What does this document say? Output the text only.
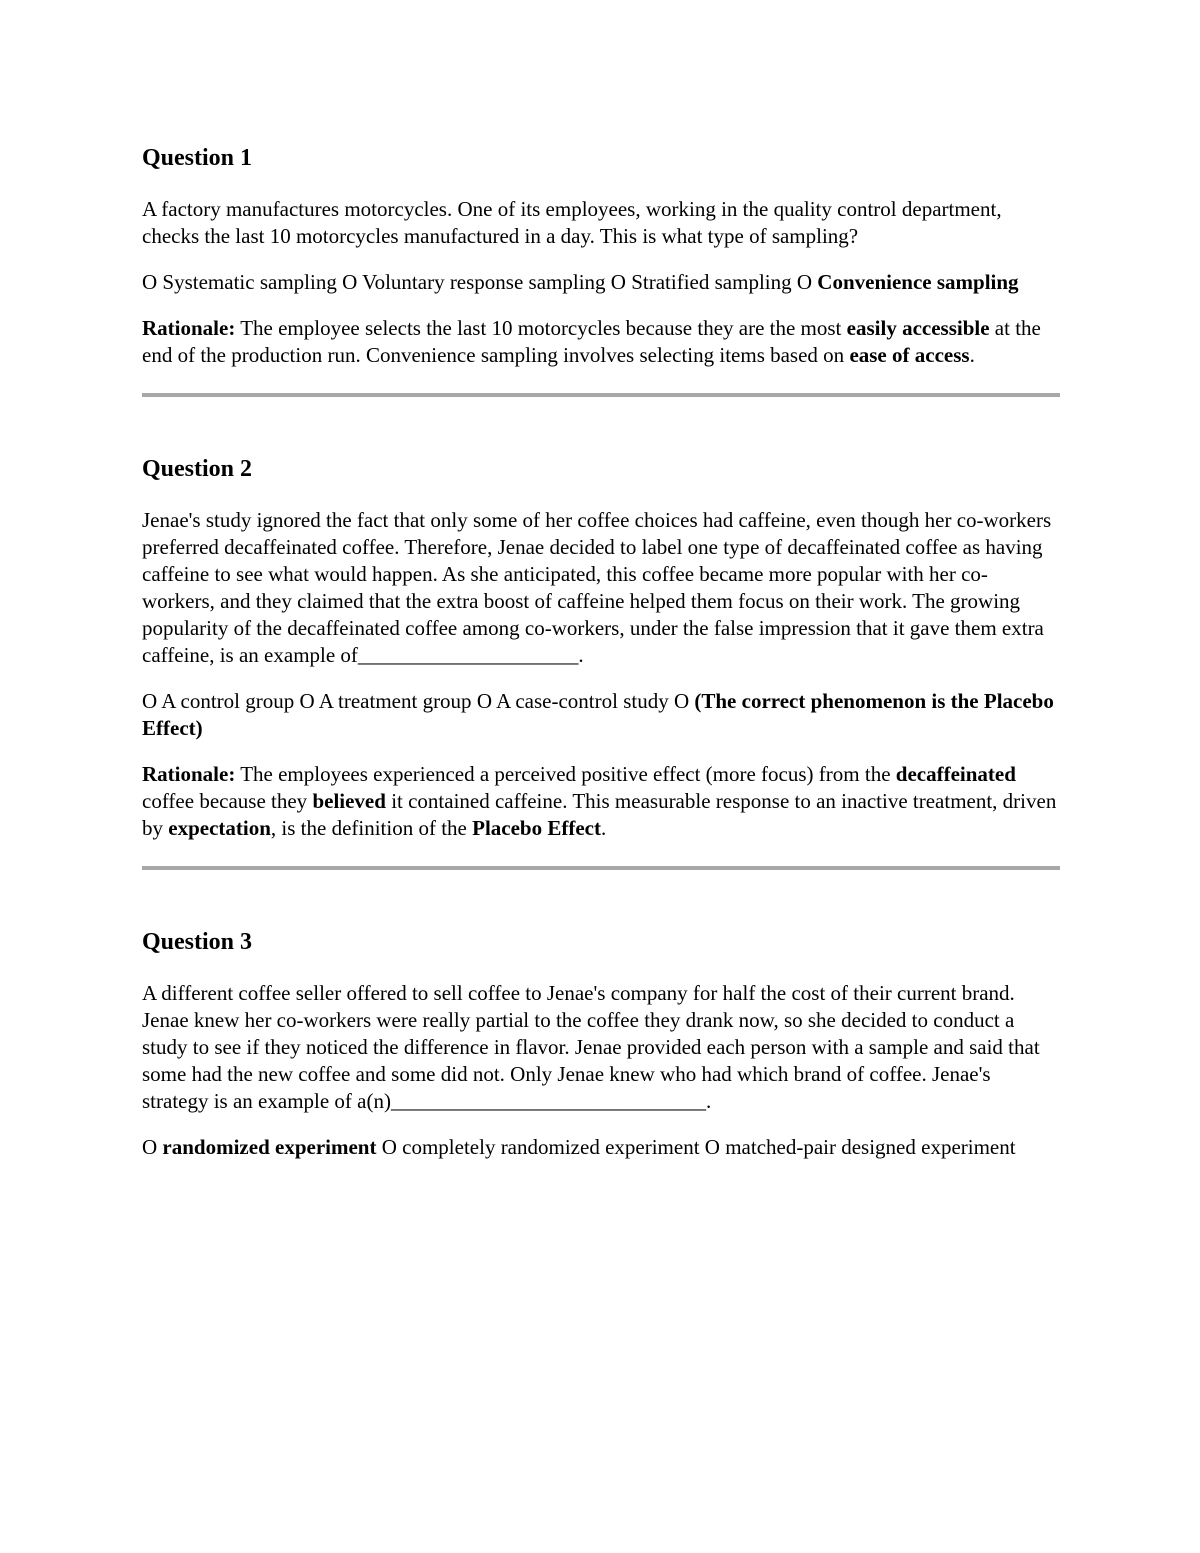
Question 1
A factory manufactures motorcycles. One of its employees, working in the quality control department, checks the last 10 motorcycles manufactured in a day. This is what type of sampling?
O Systematic sampling O Voluntary response sampling O Stratified sampling O Convenience sampling
Rationale: The employee selects the last 10 motorcycles because they are the most easily accessible at the end of the production run. Convenience sampling involves selecting items based on ease of access.
Question 2
Jenae's study ignored the fact that only some of her coffee choices had caffeine, even though her co-workers preferred decaffeinated coffee. Therefore, Jenae decided to label one type of decaffeinated coffee as having caffeine to see what would happen. As she anticipated, this coffee became more popular with her co-workers, and they claimed that the extra boost of caffeine helped them focus on their work. The growing popularity of the decaffeinated coffee among co-workers, under the false impression that it gave them extra caffeine, is an example of_____________________.
O A control group O A treatment group O A case-control study O (The correct phenomenon is the Placebo Effect)
Rationale: The employees experienced a perceived positive effect (more focus) from the decaffeinated coffee because they believed it contained caffeine. This measurable response to an inactive treatment, driven by expectation, is the definition of the Placebo Effect.
Question 3
A different coffee seller offered to sell coffee to Jenae's company for half the cost of their current brand. Jenae knew her co-workers were really partial to the coffee they drank now, so she decided to conduct a study to see if they noticed the difference in flavor. Jenae provided each person with a sample and said that some had the new coffee and some did not. Only Jenae knew who had which brand of coffee. Jenae's strategy is an example of a(n)______________________________.
O randomized experiment O completely randomized experiment O matched-pair designed experiment
